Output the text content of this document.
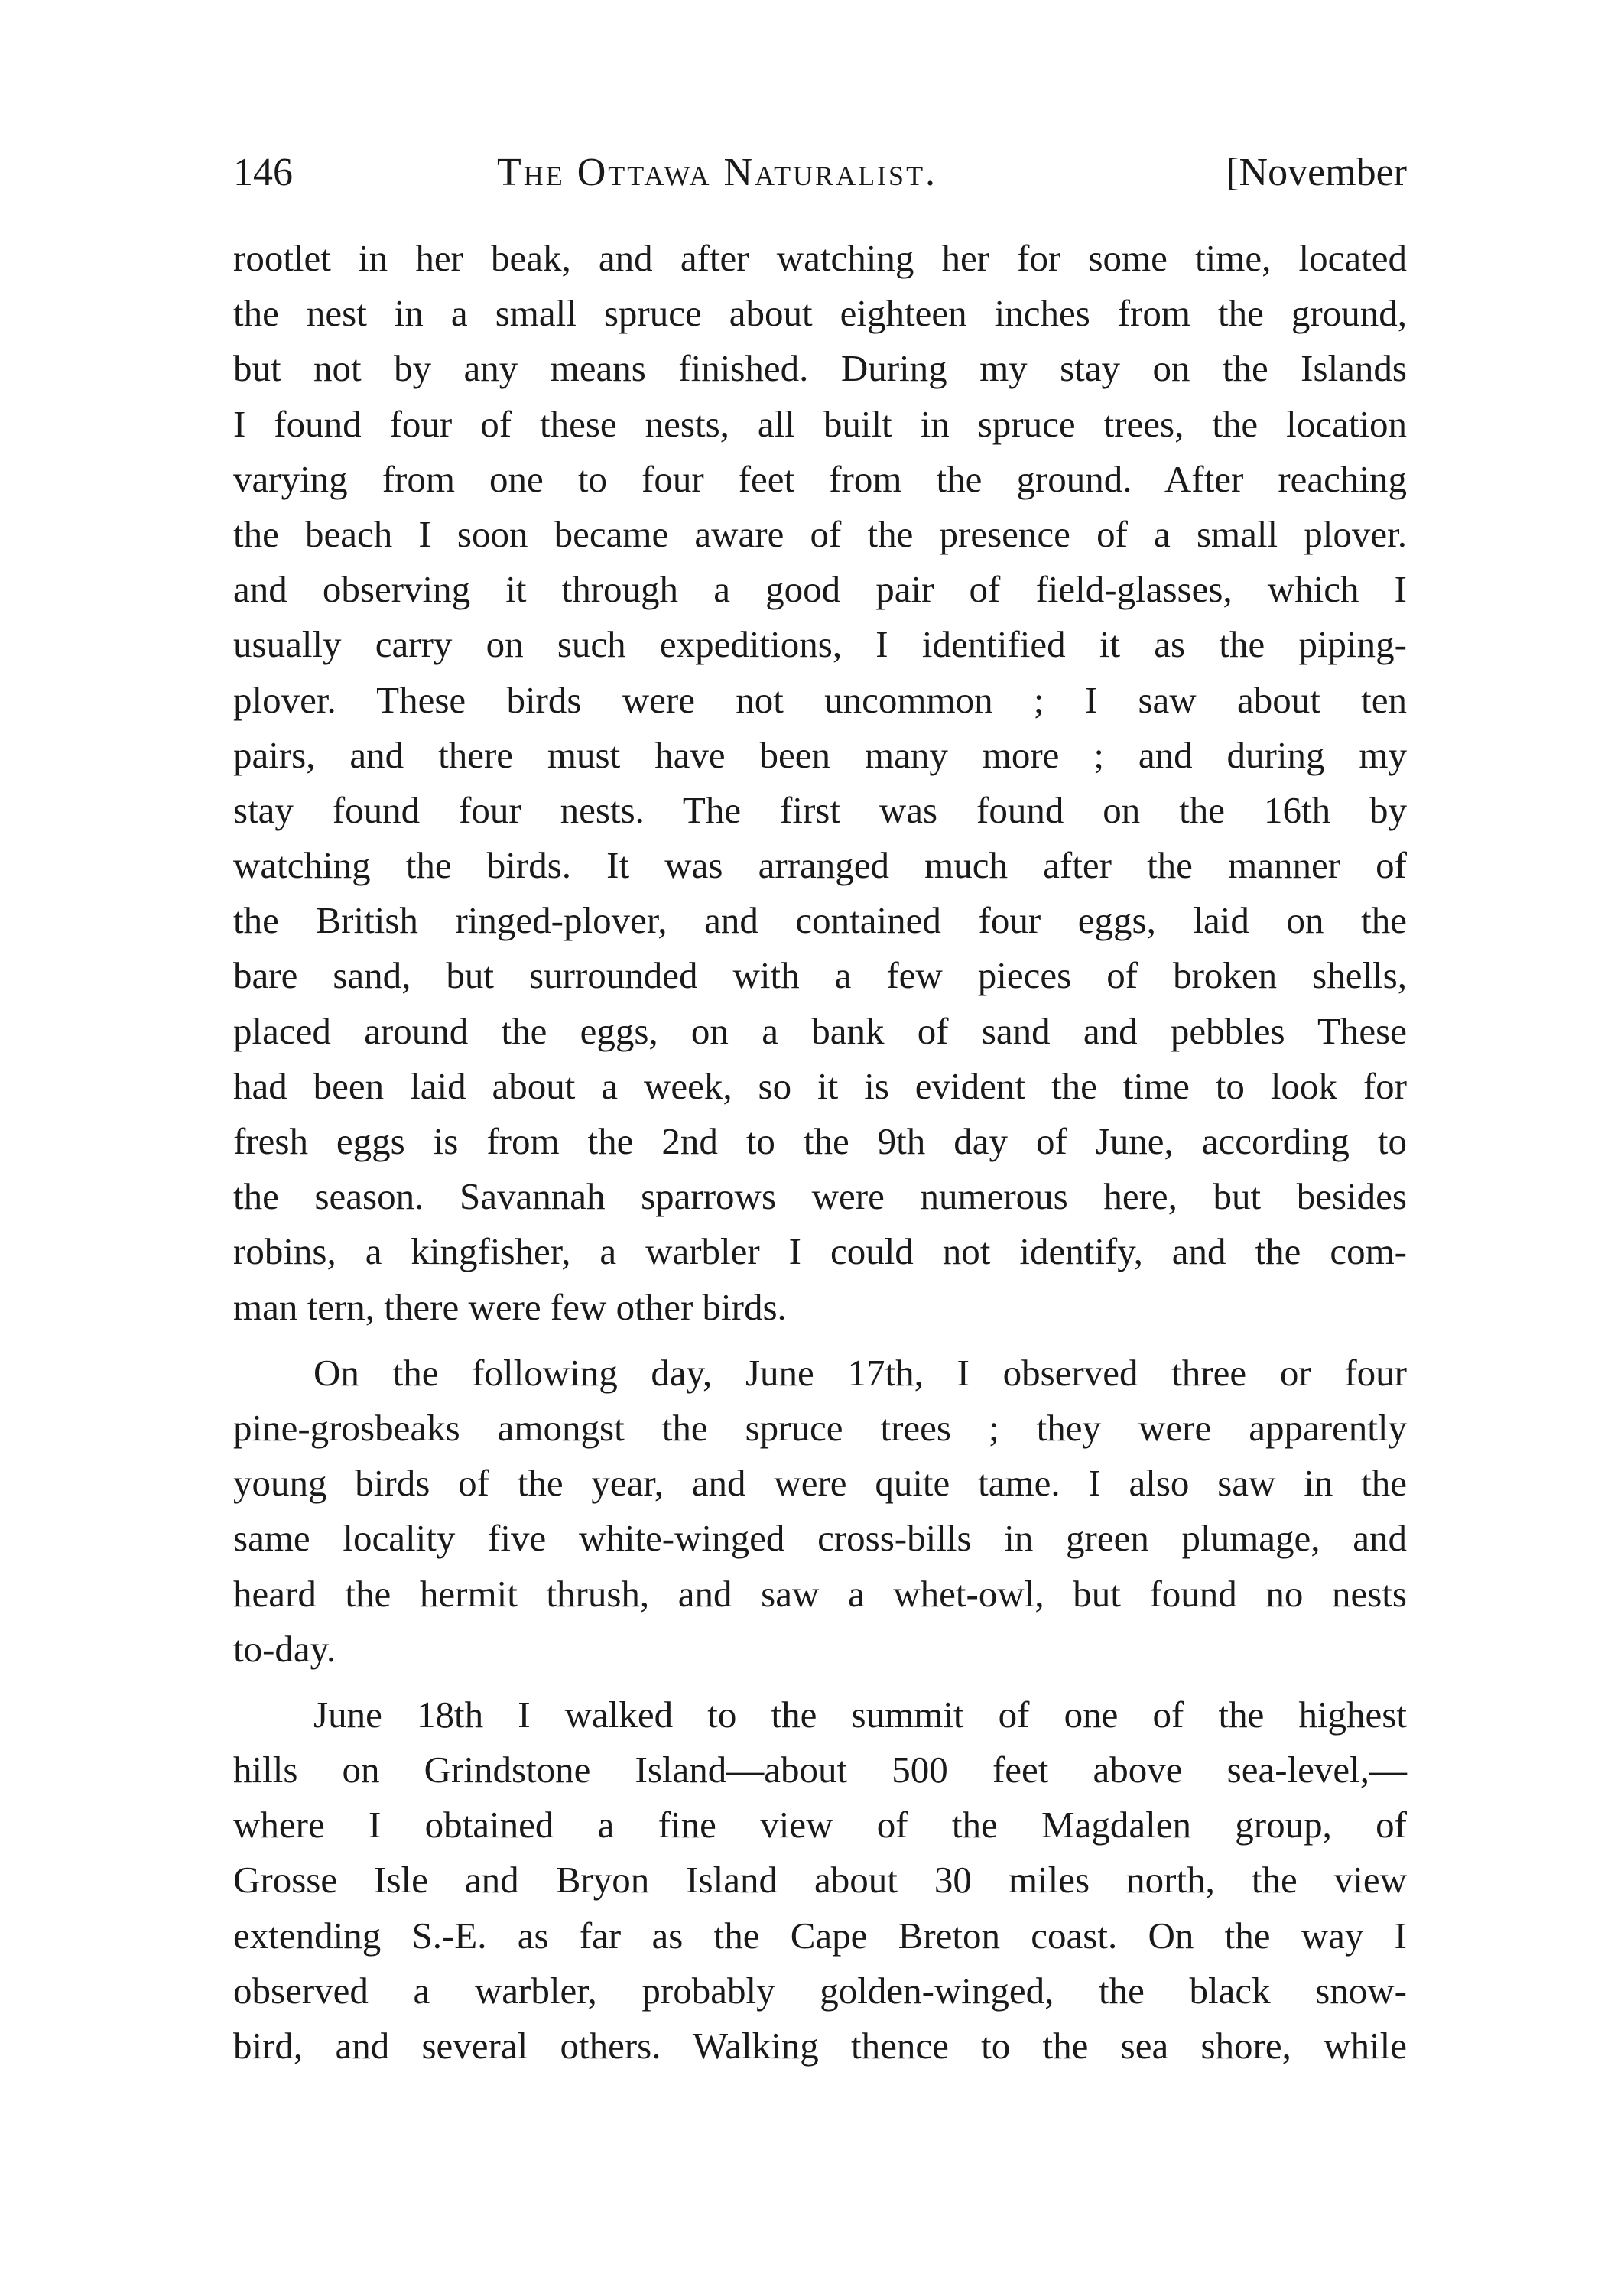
146	The Ottawa Naturalist.	[November
rootlet in her beak, and after watching her for some time, located
the nest in a small spruce about eighteen inches from the ground,
but not by any means finished. During my stay on the Islands
I found four of these nests, all built in spruce trees, the location
varying from one to four feet from the ground. After reaching
the beach I soon became aware of the presence of a small plover.
and observing it through a good pair of field-glasses, which I
usually carry on such expeditions, I identified it as the piping-
plover. These birds were not uncommon ; I saw about ten
pairs, and there must have been many more ; and during my
stay found four nests. The first was found on the 16th by
watching the birds. It was arranged much after the manner of
the British ringed-plover, and contained four eggs, laid on the
bare sand, but surrounded with a few pieces of broken shells,
placed around the eggs, on a bank of sand and pebbles These
had been laid about a week, so it is evident the time to look for
fresh eggs is from the 2nd to the 9th day of June, according to
the season. Savannah sparrows were numerous here, but besides
robins, a kingfisher, a warbler I could not identify, and the com-
man tern, there were few other birds.
On the following day, June 17th, I observed three or four
pine-grosbeaks amongst the spruce trees ; they were apparently
young birds of the year, and were quite tame. I also saw in the
same locality five white-winged cross-bills in green plumage, and
heard the hermit thrush, and saw a whet-owl, but found no nests
to-day.
June 18th I walked to the summit of one of the highest
hills on Grindstone Island—about 500 feet above sea-level,—
where I obtained a fine view of the Magdalen group, of
Grosse Isle and Bryon Island about 30 miles north, the view
extending S.-E. as far as the Cape Breton coast. On the way I
observed a warbler, probably golden-winged, the black snow-
bird, and several others. Walking thence to the sea shore, while
